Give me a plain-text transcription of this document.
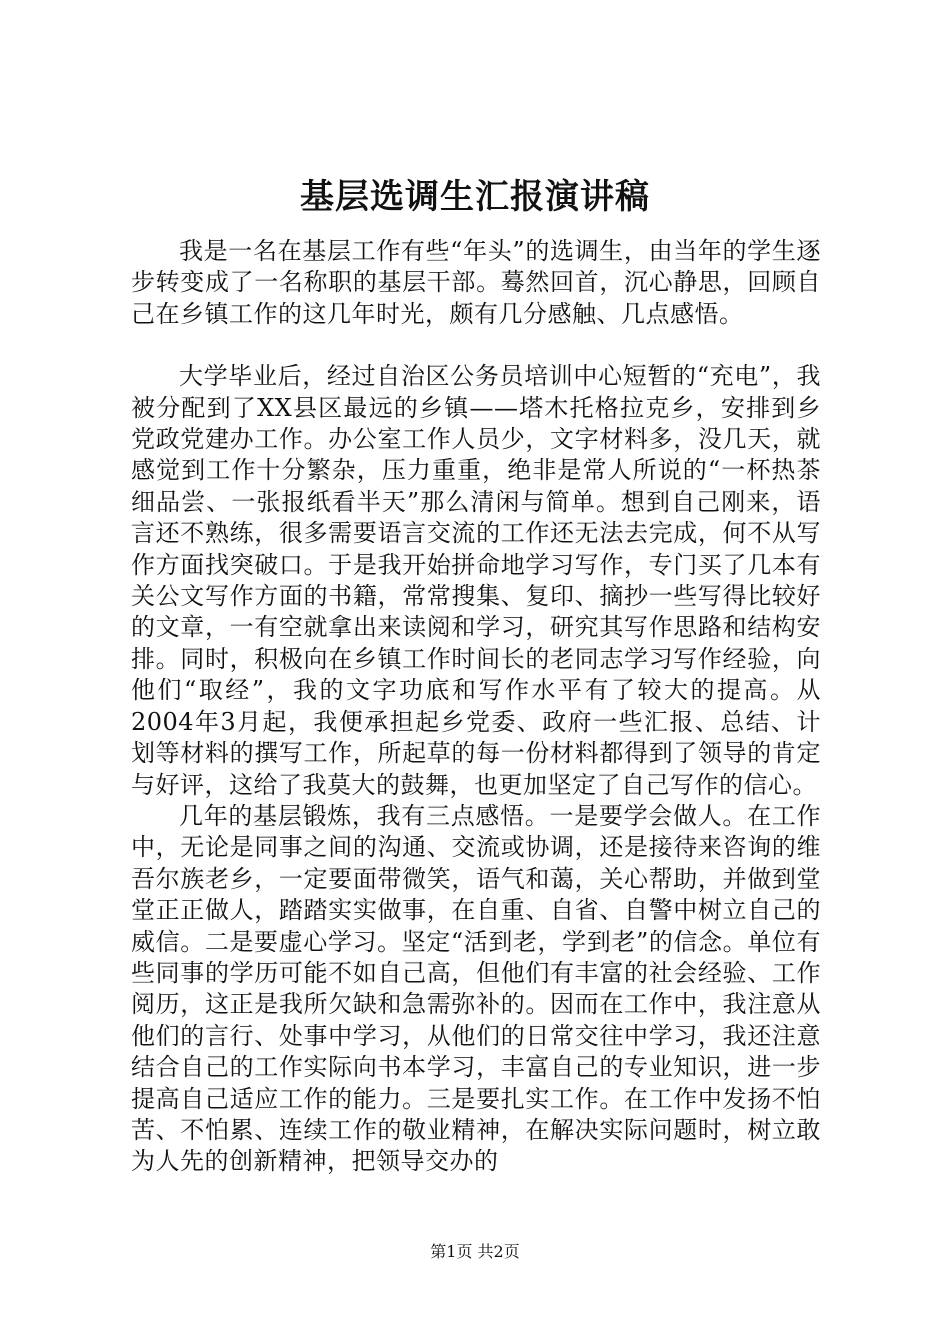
基层选调生汇报演讲稿

我是一名在基层工作有些“年头”的选调生，由当年的学生逐步转变成了一名称职的基层干部。蓦然回首，沉心静思，回顾自己在乡镇工作的这几年时光，颇有几分感触、几点感悟。

大学毕业后，经过自治区公务员培训中心短暂的“充电”，我被分配到了XX县区最远的乡镇——塔木托格拉克乡，安排到乡党政党建办工作。办公室工作人员少，文字材料多，没几天，就感觉到工作十分繁杂，压力重重，绝非是常人所说的“一杯热茶细品尝、一张报纸看半天”那么清闲与简单。想到自己刚来，语言还不熟练，很多需要语言交流的工作还无法去完成，何不从写作方面找突破口。于是我开始拼命地学习写作，专门买了几本有关公文写作方面的书籍，常常搜集、复印、摘抄一些写得比较好的文章，一有空就拿出来读阅和学习，研究其写作思路和结构安排。同时，积极向在乡镇工作时间长的老同志学习写作经验，向他们“取经”，我的文字功底和写作水平有了较大的提高。从2004年3月起，我便承担起乡党委、政府一些汇报、总结、计划等材料的撰写工作，所起草的每一份材料都得到了领导的肯定与好评，这给了我莫大的鼓舞，也更加坚定了自己写作的信心。

几年的基层锻炼，我有三点感悟。一是要学会做人。在工作中，无论是同事之间的沟通、交流或协调，还是接待来咨询的维吾尔族老乡，一定要面带微笑，语气和蔼，关心帮助，并做到堂堂正正做人，踏踏实实做事，在自重、自省、自警中树立自己的威信。二是要虚心学习。坚定“活到老，学到老”的信念。单位有些同事的学历可能不如自己高，但他们有丰富的社会经验、工作阅历，这正是我所欠缺和急需弥补的。因而在工作中，我注意从他们的言行、处事中学习，从他们的日常交往中学习，我还注意结合自己的工作实际向书本学习，丰富自己的专业知识，进一步提高自己适应工作的能力。三是要扎实工作。在工作中发扬不怕苦、不怕累、连续工作的敬业精神，在解决实际问题时，树立敢为人先的创新精神，把领导交办的

第1页 共2页
